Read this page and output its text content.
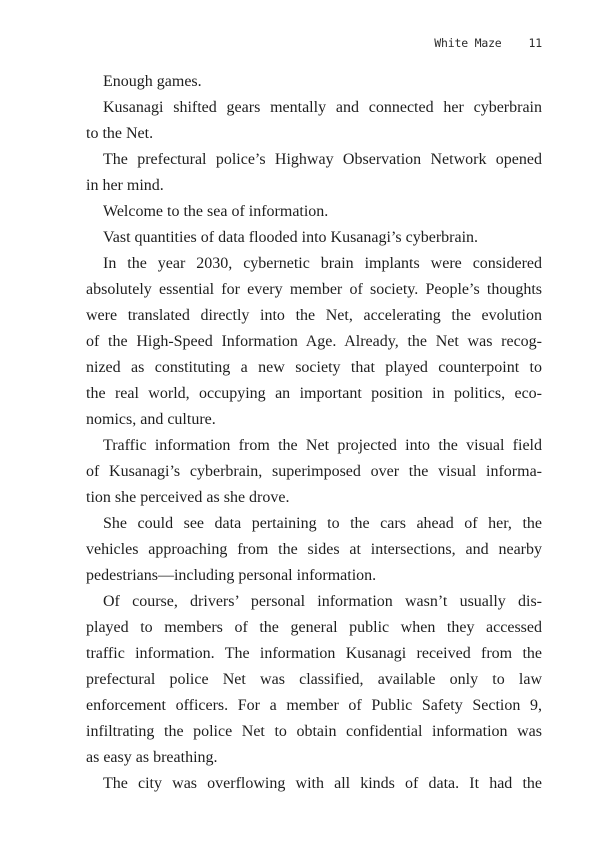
White Maze 11
Enough games.
Kusanagi shifted gears mentally and connected her cyberbrain
to the Net.
The prefectural police’s Highway Observation Network opened
in her mind.
Welcome to the sea of information.
Vast quantities of data flooded into Kusanagi’s cyberbrain.
In the year 2030, cybernetic brain implants were considered
absolutely essential for every member of society. People’s thoughts
were translated directly into the Net, accelerating the evolution
of the High-Speed Information Age. Already, the Net was recog-
nized as constituting a new society that played counterpoint to
the real world, occupying an important position in politics, eco-
nomics, and culture.
Traffic information from the Net projected into the visual field
of Kusanagi’s cyberbrain, superimposed over the visual informa-
tion she perceived as she drove.
She could see data pertaining to the cars ahead of her, the
vehicles approaching from the sides at intersections, and nearby
pedestrians—including personal information.
Of course, drivers’ personal information wasn’t usually dis-
played to members of the general public when they accessed
traffic information. The information Kusanagi received from the
prefectural police Net was classified, available only to law
enforcement officers. For a member of Public Safety Section 9,
infiltrating the police Net to obtain confidential information was
as easy as breathing.
The city was overflowing with all kinds of data. It had the
